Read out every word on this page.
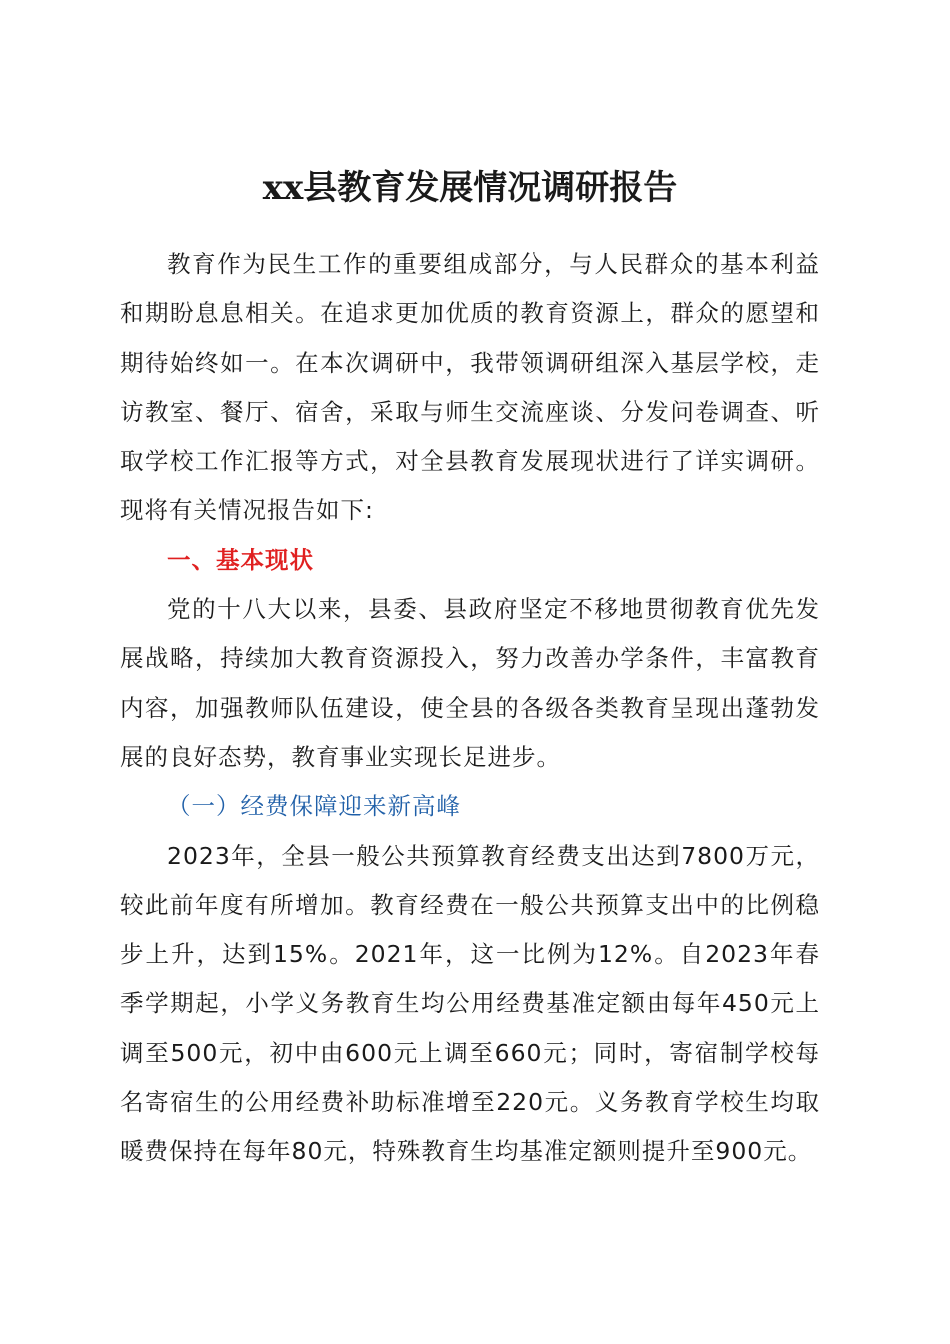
xx县教育发展情况调研报告

教育作为民生工作的重要组成部分，与人民群众的基本利益和期盼息息相关。在追求更加优质的教育资源上，群众的愿望和期待始终如一。在本次调研中，我带领调研组深入基层学校，走访教室、餐厅、宿舍，采取与师生交流座谈、分发问卷调查、听取学校工作汇报等方式，对全县教育发展现状进行了详实调研。现将有关情况报告如下:

一、基本现状

党的十八大以来，县委、县政府坚定不移地贯彻教育优先发展战略，持续加大教育资源投入，努力改善办学条件，丰富教育内容，加强教师队伍建设，使全县的各级各类教育呈现出蓬勃发展的良好态势，教育事业实现长足进步。

（一）经费保障迎来新高峰

2023年，全县一般公共预算教育经费支出达到7800万元，较此前年度有所增加。教育经费在一般公共预算支出中的比例稳步上升，达到15%。2021年，这一比例为12%。自2023年春季学期起，小学义务教育生均公用经费基准定额由每年450元上调至500元，初中由600元上调至660元；同时，寄宿制学校每名寄宿生的公用经费补助标准增至220元。义务教育学校生均取暖费保持在每年80元，特殊教育生均基准定额则提升至900元。
